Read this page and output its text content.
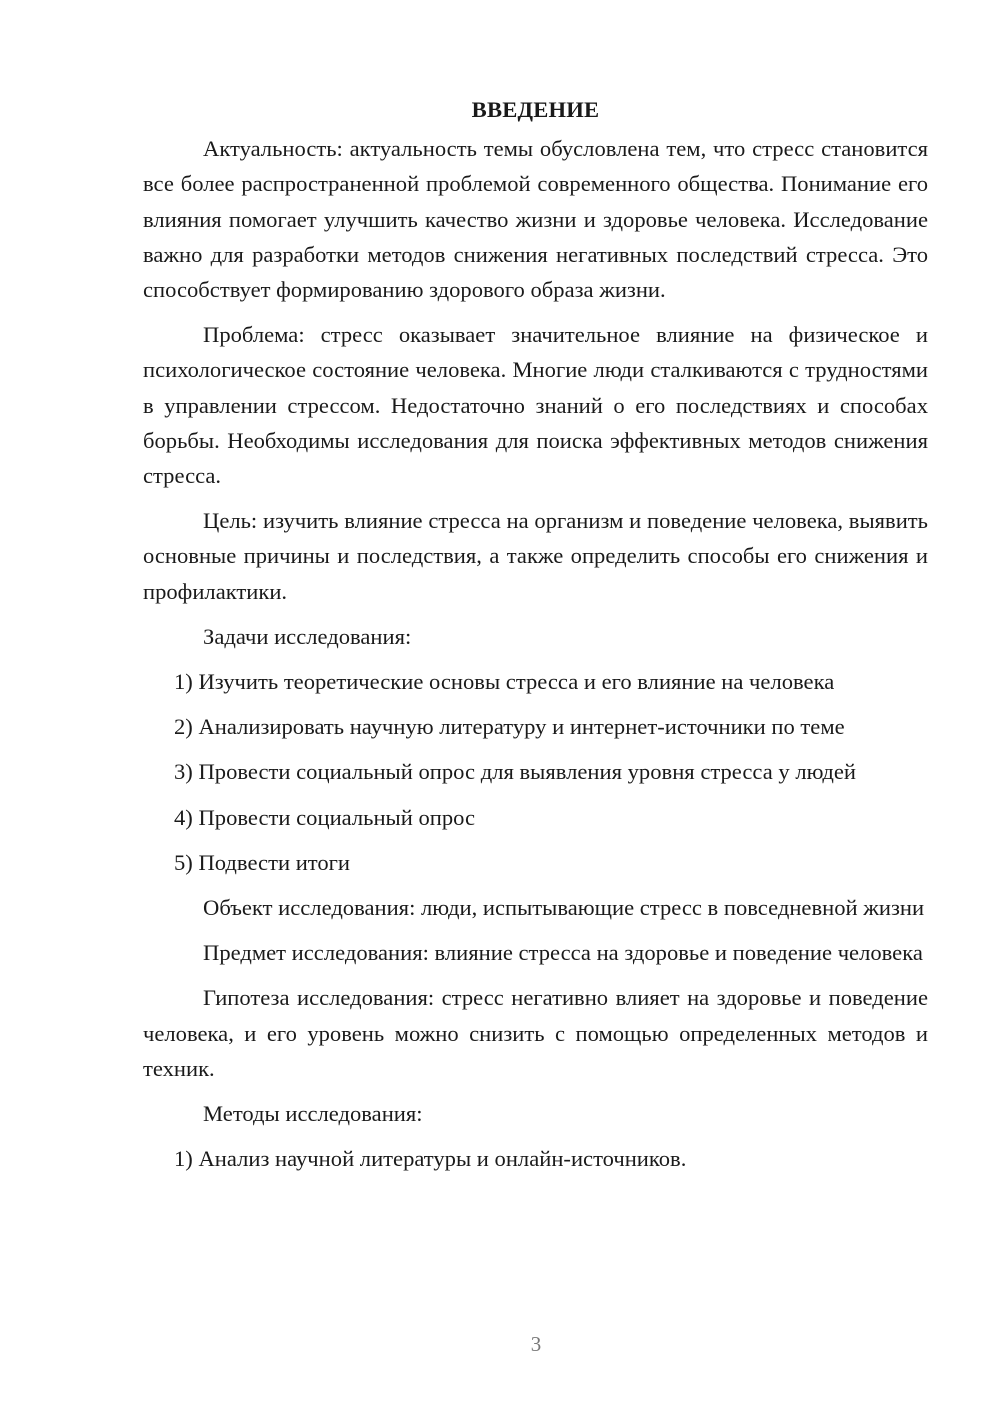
ВВЕДЕНИЕ

Актуальность: актуальность темы обусловлена тем, что стресс становится все более распространенной проблемой современного общества. Понимание его влияния помогает улучшить качество жизни и здоровье человека. Исследование важно для разработки методов снижения негативных последствий стресса. Это способствует формированию здорового образа жизни.

Проблема: стресс оказывает значительное влияние на физическое и психологическое состояние человека. Многие люди сталкиваются с трудностями в управлении стрессом. Недостаточно знаний о его последствиях и способах борьбы. Необходимы исследования для поиска эффективных методов снижения стресса.

Цель: изучить влияние стресса на организм и поведение человека, выявить основные причины и последствия, а также определить способы его снижения и профилактики.

Задачи исследования:

1) Изучить теоретические основы стресса и его влияние на человека
2) Анализировать научную литературу и интернет-источники по теме
3) Провести социальный опрос для выявления уровня стресса у людей
4) Провести социальный опрос
5) Подвести итоги

Объект исследования: люди, испытывающие стресс в повседневной жизни

Предмет исследования: влияние стресса на здоровье и поведение человека

Гипотеза исследования: стресс негативно влияет на здоровье и поведение человека, и его уровень можно снизить с помощью определенных методов и техник.

Методы исследования:

1) Анализ научной литературы и онлайн-источников.
3
